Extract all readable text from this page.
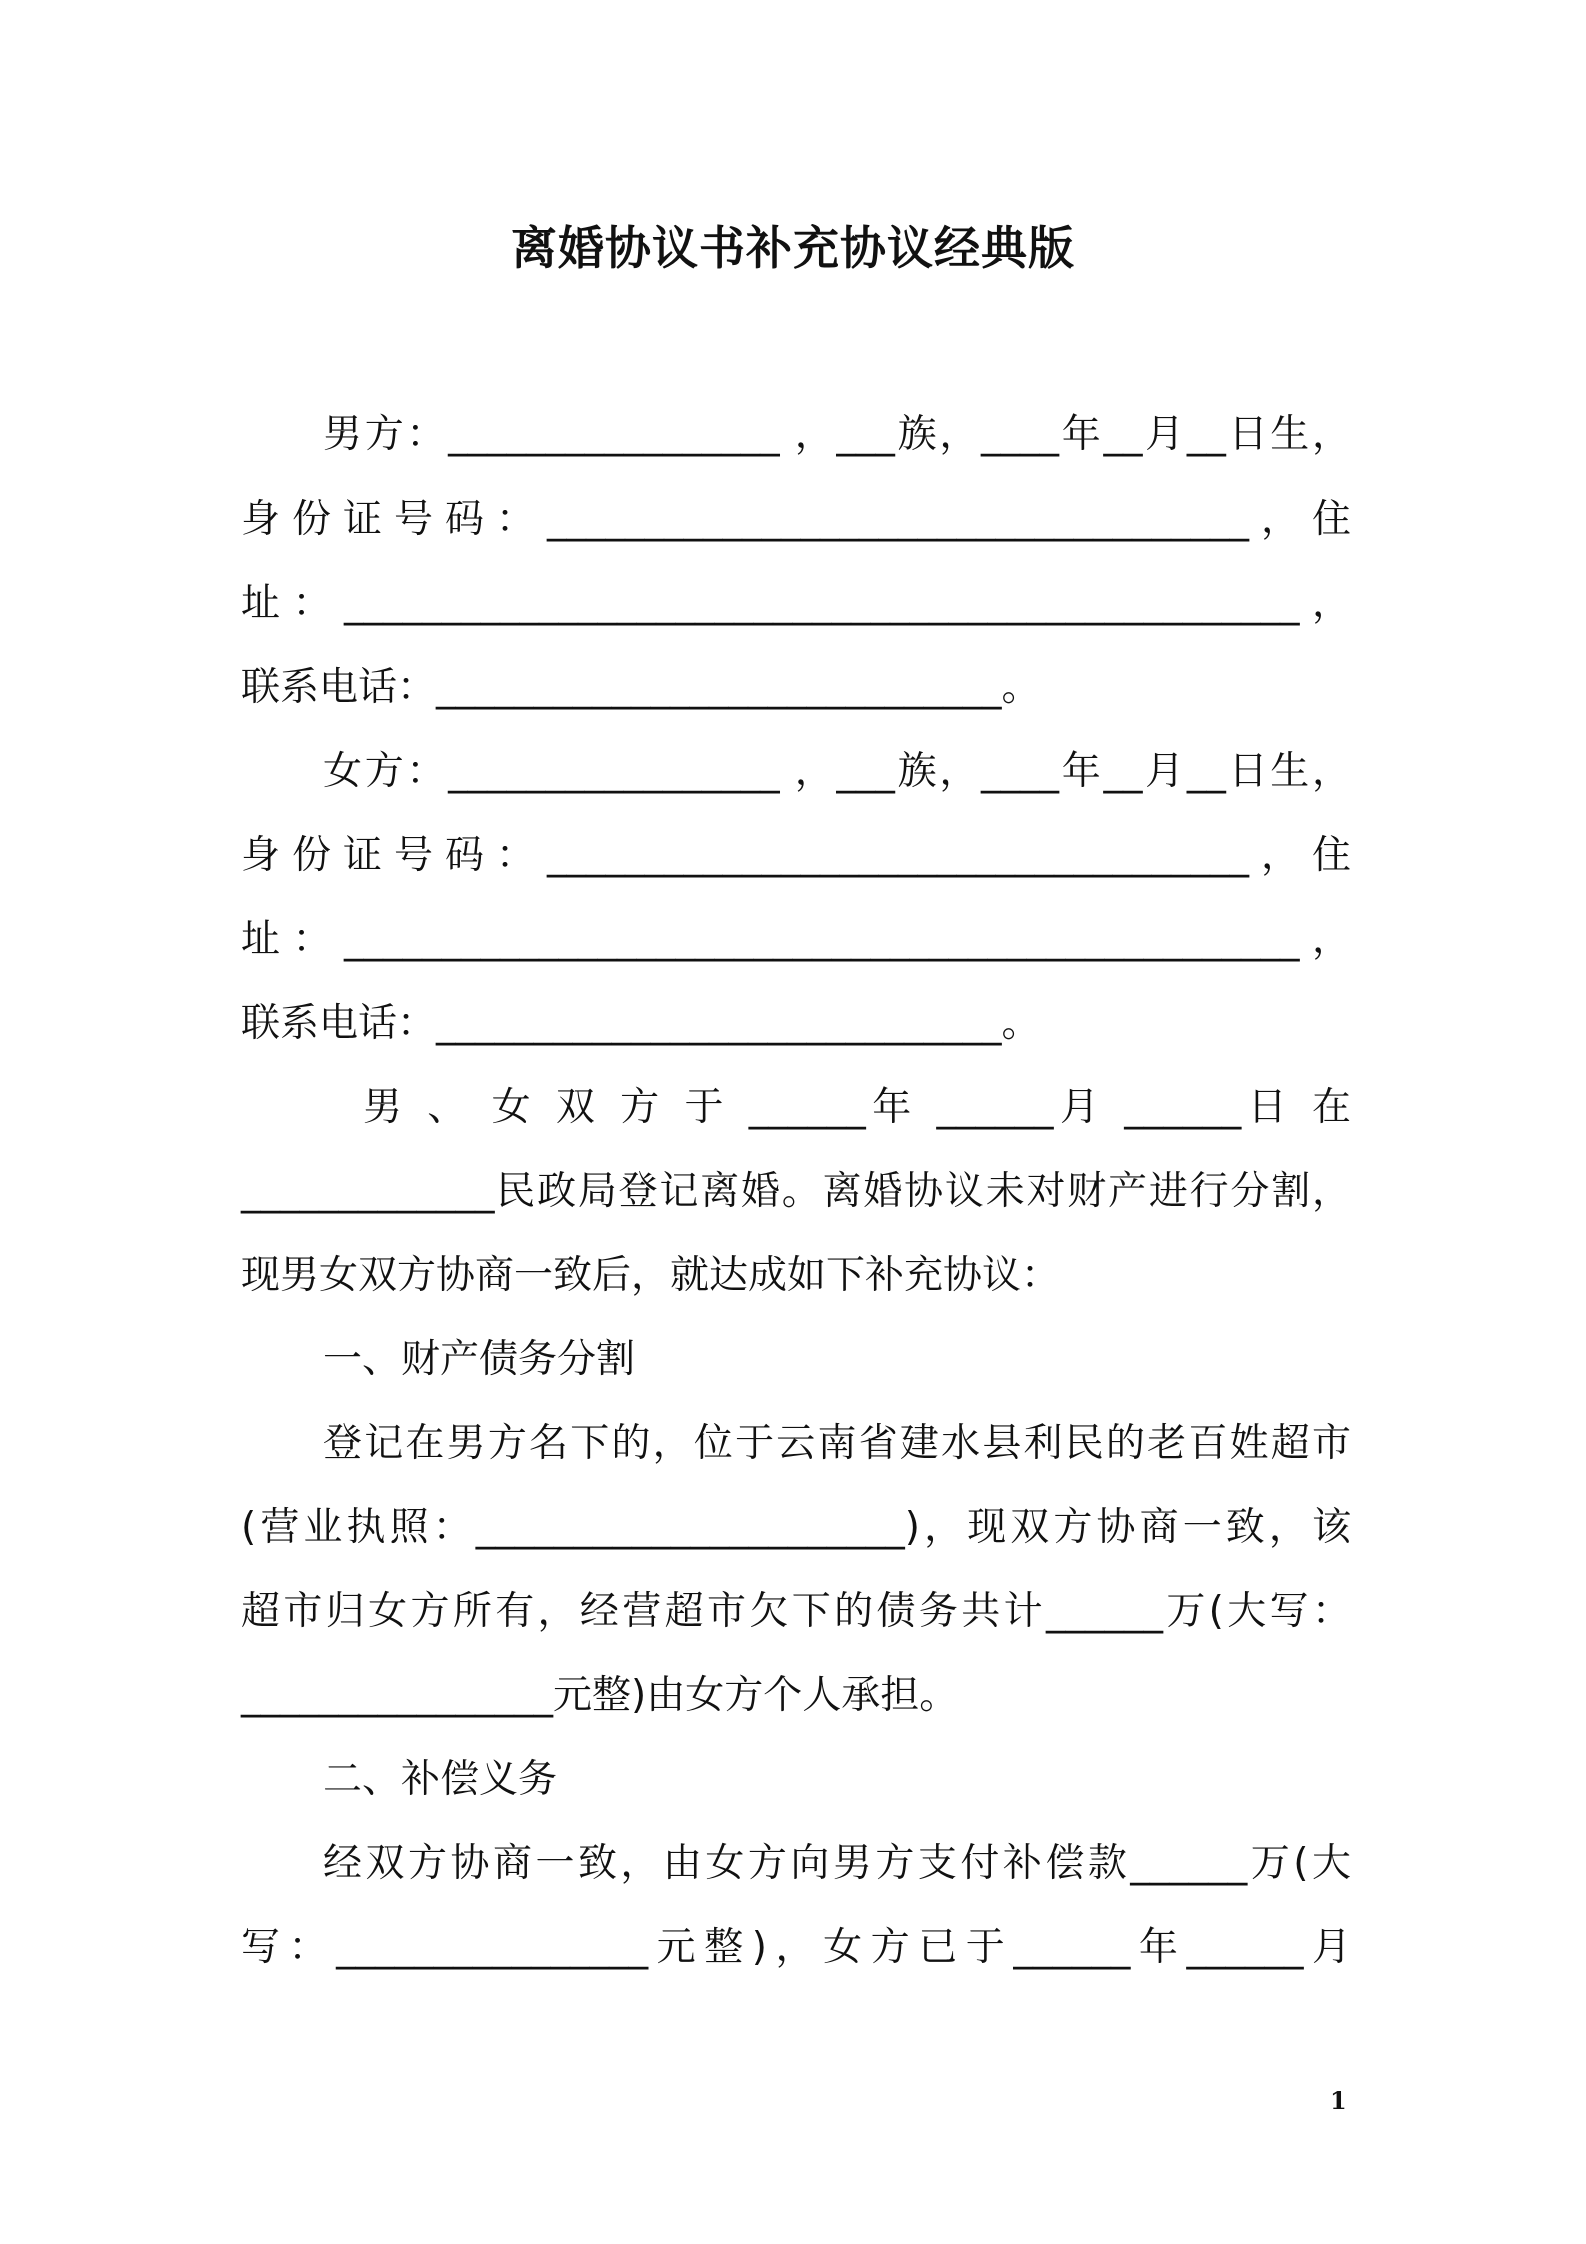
离婚协议书补充协议经典版
男方：_________________ ，___族，____年__月__日生，
身份证号码：____________________________________，住
址：_________________________________________________，
联系电话：_____________________________。
女方：_________________ ，___族，____年__月__日生，
身份证号码：____________________________________，住
址：_________________________________________________，
联系电话：_____________________________。
男 、 女 双 方 于 ______年 ______月 ______日 在
_____________民政局登记离婚。离婚协议未对财产进行分割，
现男女双方协商一致后，就达成如下补充协议：
一、财产债务分割
登记在男方名下的，位于云南省建水县利民的老百姓超市
(营业执照：______________________)，现双方协商一致，该
超市归女方所有，经营超市欠下的债务共计______万(大写：
________________元整)由女方个人承担。
二、补偿义务
经双方协商一致，由女方向男方支付补偿款______万(大
写：________________元整)，女方已于______年______月
1
